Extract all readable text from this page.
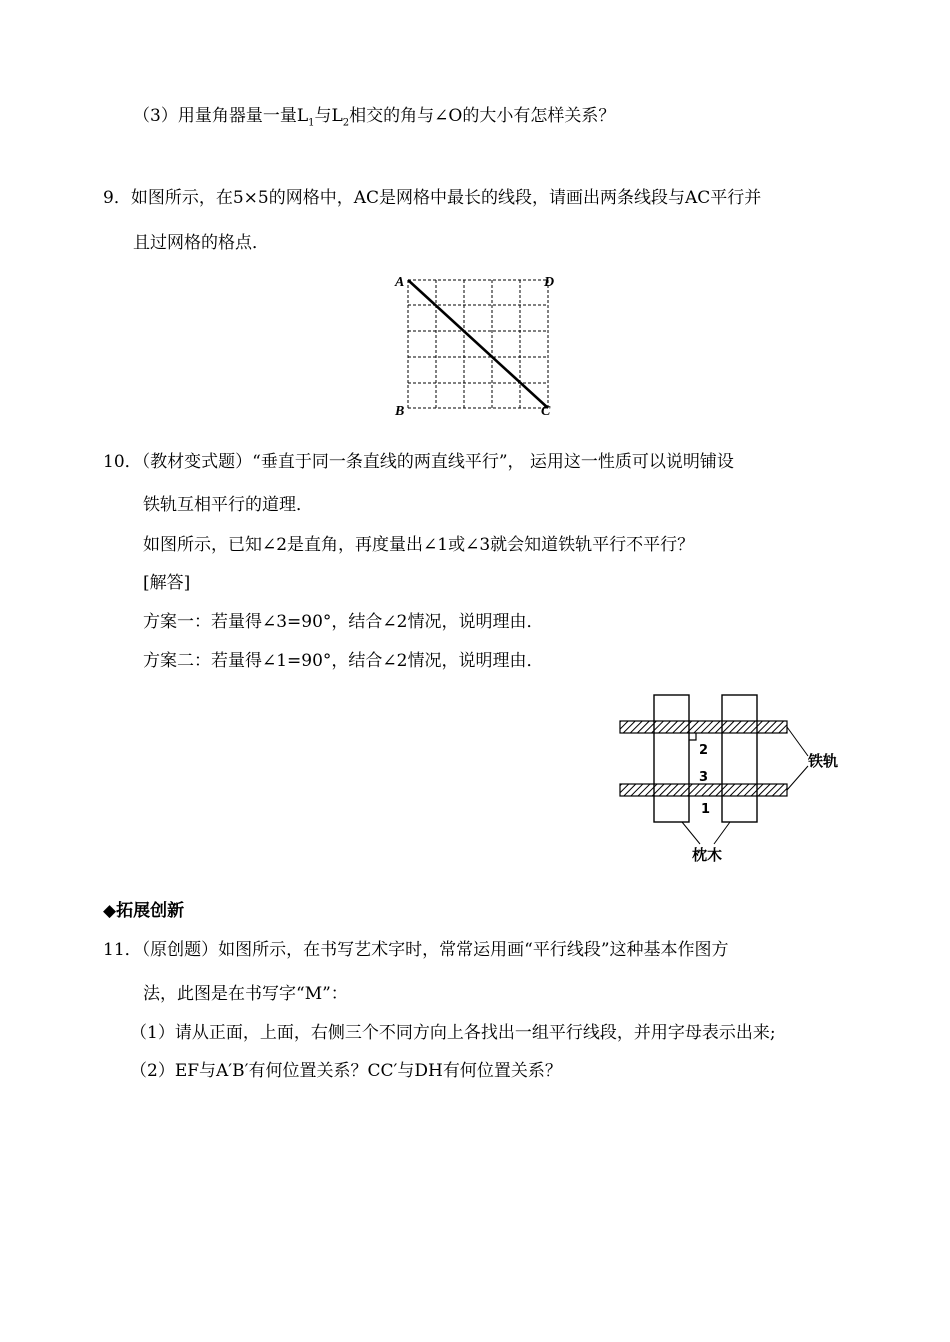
（3）用量角器量一量$L_1$与$L_2$相交的角与∠O的大小有怎样关系？
9．如图所示，在5×5的网格中，AC是网格中最长的线段，请画出两条线段与AC平行并
且过网格的格点．
A	D
B	C
10．（教材变式题）“垂直于同一条直线的两直线平行”， 运用这一性质可以说明铺设
铁轨互相平行的道理．
如图所示，已知∠2是直角，再度量出∠1或∠3就会知道铁轨平行不平行？
[解答]
方案一：若量得∠3=90°，结合∠2情况，说明理由．
方案二：若量得∠1=90°，结合∠2情况，说明理由．
2
3
1
铁轨
枕木
◆拓展创新
11．（原创题）如图所示，在书写艺术字时，常常运用画“平行线段”这种基本作图方
法，此图是在书写字“M”：
（1）请从正面，上面，右侧三个不同方向上各找出一组平行线段，并用字母表示出来;
（2）EF与A′B′有何位置关系？CC′与DH有何位置关系？
